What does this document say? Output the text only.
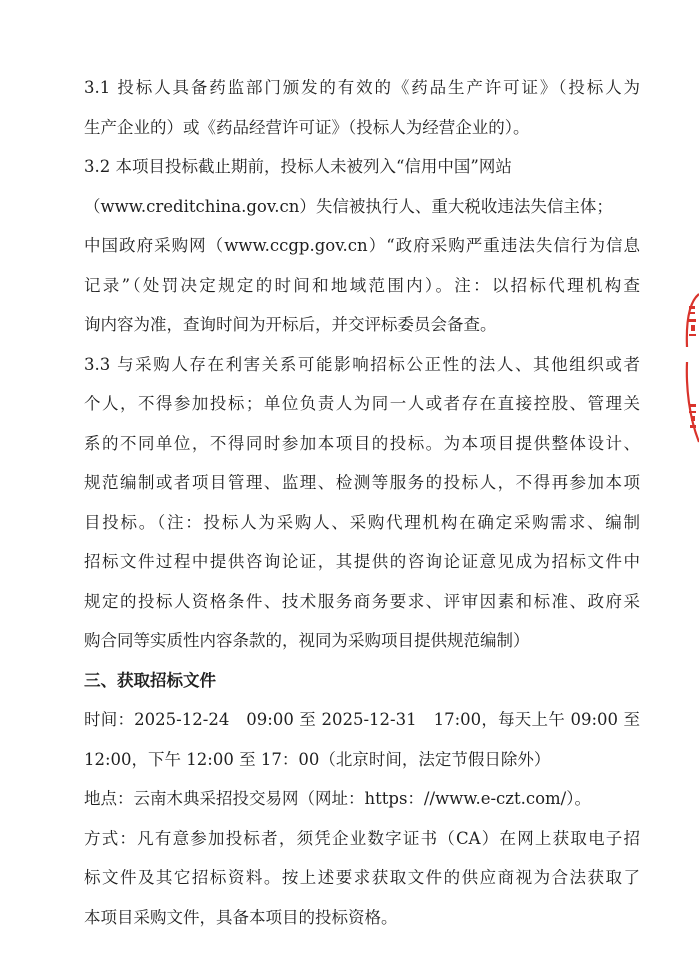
3.1 投标人具备药监部门颁发的有效的《药品生产许可证》（投标人为
生产企业的）或《药品经营许可证》（投标人为经营企业的）。
3.2 本项目投标截止期前，投标人未被列入“信用中国”网站
（www.creditchina.gov.cn）失信被执行人、重大税收违法失信主体；
中国政府采购网（www.ccgp.gov.cn）“政府采购严重违法失信行为信息
记录”（处罚决定规定的时间和地域范围内）。注：以招标代理机构查
询内容为准，查询时间为开标后，并交评标委员会备查。
3.3 与采购人存在利害关系可能影响招标公正性的法人、其他组织或者
个人，不得参加投标；单位负责人为同一人或者存在直接控股、管理关
系的不同单位，不得同时参加本项目的投标。为本项目提供整体设计、
规范编制或者项目管理、监理、检测等服务的投标人，不得再参加本项
目投标。（注：投标人为采购人、采购代理机构在确定采购需求、编制
招标文件过程中提供咨询论证，其提供的咨询论证意见成为招标文件中
规定的投标人资格条件、技术服务商务要求、评审因素和标准、政府采
购合同等实质性内容条款的，视同为采购项目提供规范编制）
三、获取招标文件
时间：2025-12-24　09:00 至 2025-12-31　17:00，每天上午 09:00 至
12:00，下午 12:00 至 17：00（北京时间，法定节假日除外）
地点：云南木典采招投交易网（网址：https：//www.e-czt.com/）。
方式：凡有意参加投标者，须凭企业数字证书（CA）在网上获取电子招
标文件及其它招标资料。按上述要求获取文件的供应商视为合法获取了
本项目采购文件，具备本项目的投标资格。
